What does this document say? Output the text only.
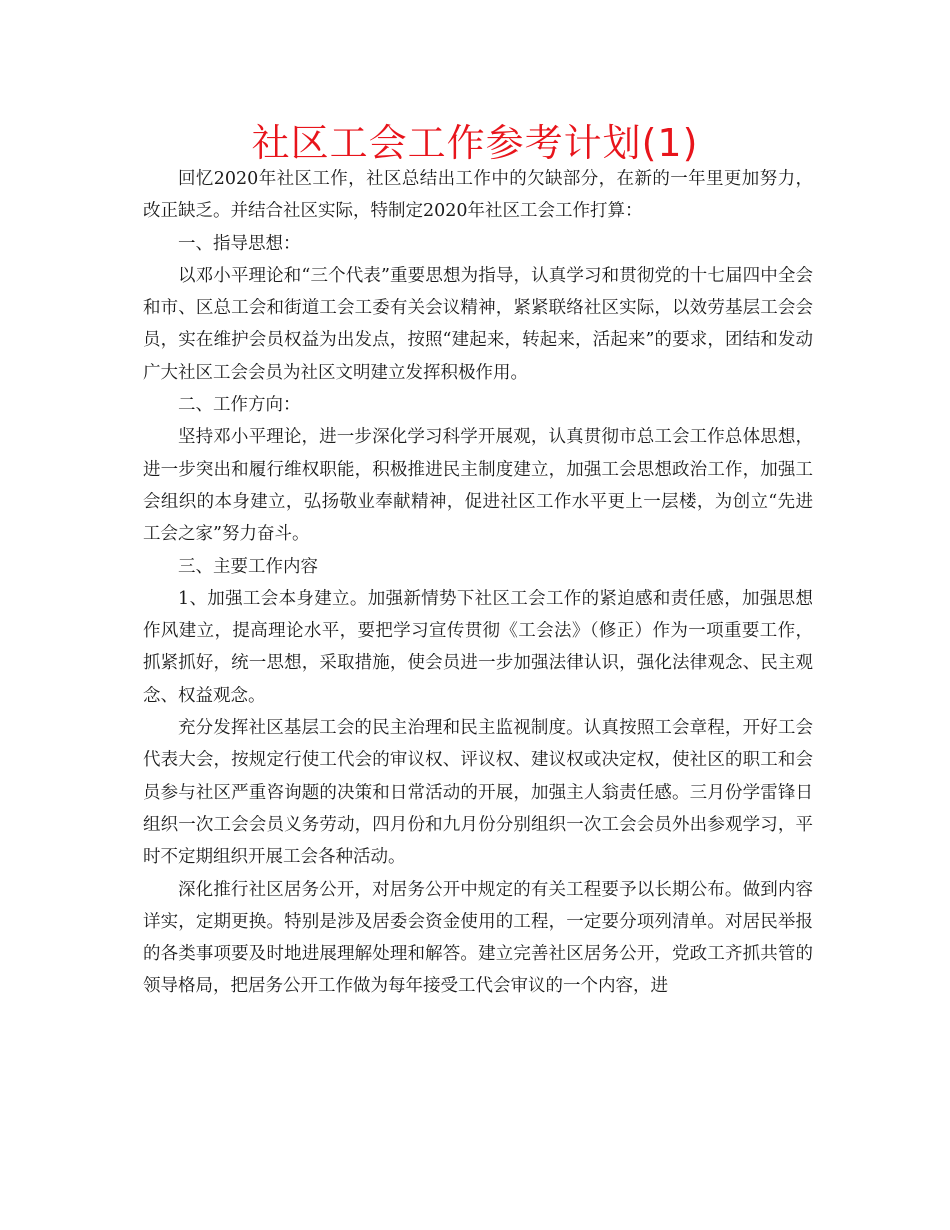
社区工会工作参考计划(1)

回忆2020年社区工作，社区总结出工作中的欠缺部分，在新的一年里更加努力，改正缺乏。并结合社区实际，特制定2020年社区工会工作打算：

一、指导思想：

以邓小平理论和“三个代表”重要思想为指导，认真学习和贯彻党的十七届四中全会和市、区总工会和街道工会工委有关会议精神，紧紧联络社区实际，以效劳基层工会会员，实在维护会员权益为出发点，按照“建起来，转起来，活起来”的要求，团结和发动广大社区工会会员为社区文明建立发挥积极作用。

二、工作方向：

坚持邓小平理论，进一步深化学习科学开展观，认真贯彻市总工会工作总体思想，进一步突出和履行维权职能，积极推进民主制度建立，加强工会思想政治工作，加强工会组织的本身建立，弘扬敬业奉献精神，促进社区工作水平更上一层楼，为创立“先进工会之家”努力奋斗。

三、主要工作内容

1、加强工会本身建立。加强新情势下社区工会工作的紧迫感和责任感，加强思想作风建立，提高理论水平，要把学习宣传贯彻《工会法》（修正）作为一项重要工作，抓紧抓好，统一思想，采取措施，使会员进一步加强法律认识，强化法律观念、民主观念、权益观念。

充分发挥社区基层工会的民主治理和民主监视制度。认真按照工会章程，开好工会代表大会，按规定行使工代会的审议权、评议权、建议权或决定权，使社区的职工和会员参与社区严重咨询题的决策和日常活动的开展，加强主人翁责任感。三月份学雷锋日组织一次工会会员义务劳动，四月份和九月份分别组织一次工会会员外出参观学习，平时不定期组织开展工会各种活动。

深化推行社区居务公开，对居务公开中规定的有关工程要予以长期公布。做到内容详实，定期更换。特别是涉及居委会资金使用的工程，一定要分项列清单。对居民举报的各类事项要及时地进展理解处理和解答。建立完善社区居务公开，党政工齐抓共管的领导格局，把居务公开工作做为每年接受工代会审议的一个内容，进
